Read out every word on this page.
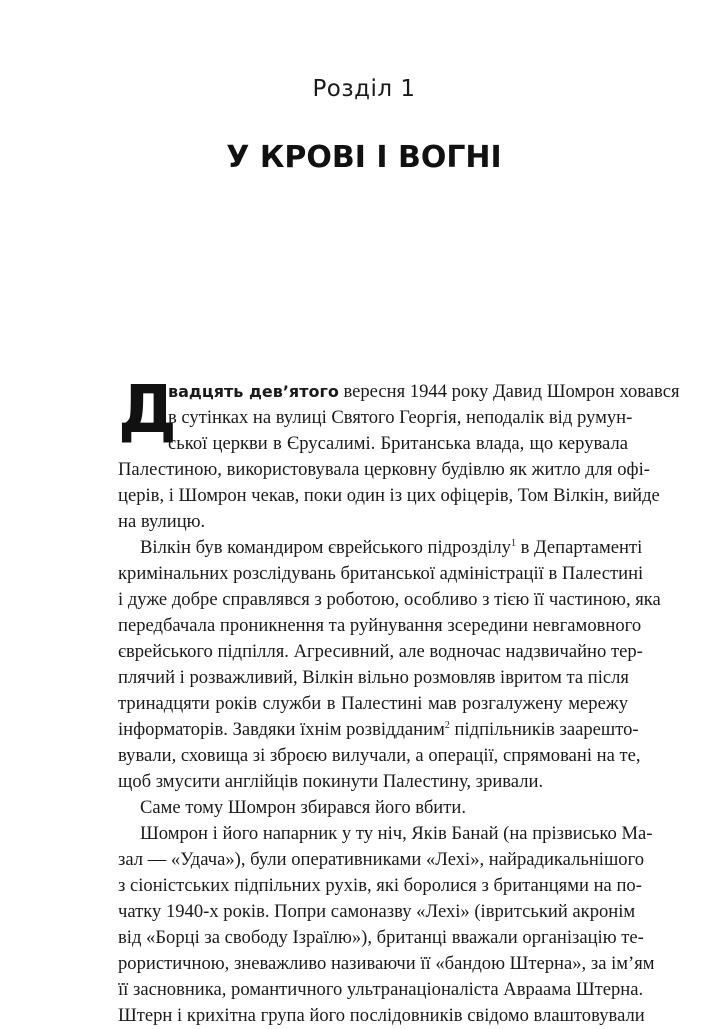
Розділ 1
У КРОВІ І ВОГНІ
Д
вадцять дев’ятого вересня 1944 року Давид Шомрон ховався
в сутінках на вулиці Святого Георгія, неподалік від румун-
ської церкви в Єрусалимі. Британська влада, що керувала
Палестиною, використовувала церковну будівлю як житло для офі-
церів, і Шомрон чекав, поки один із цих офіцерів, Том Вілкін, вийде
на вулицю.
Вілкін був командиром єврейського підрозділу$^1$ в Департаменті
кримінальних розслідувань британської адміністрації в Палестині
і дуже добре справлявся з роботою, особливо з тією її частиною, яка
передбачала проникнення та руйнування зсередини невгамовного
єврейського підпілля. Агресивний, але водночас надзвичайно тер-
плячий і розважливий, Вілкін вільно розмовляв івритом та після
тринадцяти років служби в Палестині мав розгалужену мережу
інформаторів. Завдяки їхнім розвідданим$^2$ підпільників заарешто-
вували, сховища зі зброєю вилучали, а операції, спрямовані на те,
щоб змусити англійців покинути Палестину, зривали.
Саме тому Шомрон збирався його вбити.
Шомрон і його напарник у ту ніч, Яків Банай (на прізвисько Ма-
зал — «Удача»), були оперативниками «Лехі», найрадикальнішого
з сіоністських підпільних рухів, які боролися з британцями на по-
чатку 1940-х років. Попри самоназву «Лехі» (івритський акронім
від «Борці за свободу Ізраїлю»), британці вважали організацію те-
рористичною, зневажливо називаючи її «бандою Штерна», за ім’ям
її засновника, романтичного ультранаціоналіста Авраама Штерна.
Штерн і крихітна група його послідовників свідомо влаштовували
